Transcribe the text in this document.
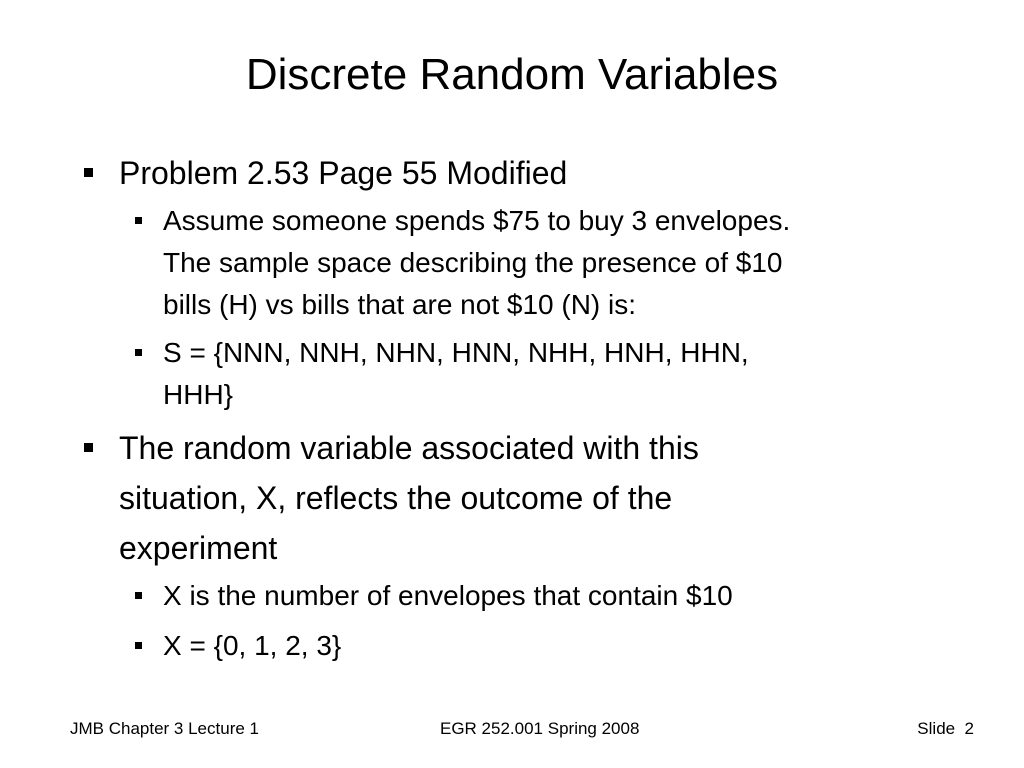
Discrete Random Variables
Problem 2.53 Page 55 Modified
Assume someone spends $75 to buy 3 envelopes.
The sample space describing the presence of $10
bills (H) vs bills that are not $10 (N) is:
S = {NNN, NNH, NHN, HNN, NHH, HNH, HHN,
HHH}
The random variable associated with this
situation, X, reflects the outcome of the
experiment
X is the number of envelopes that contain $10
X = {0, 1, 2, 3}
JMB Chapter 3 Lecture 1	EGR 252.001 Spring 2008	Slide  2
